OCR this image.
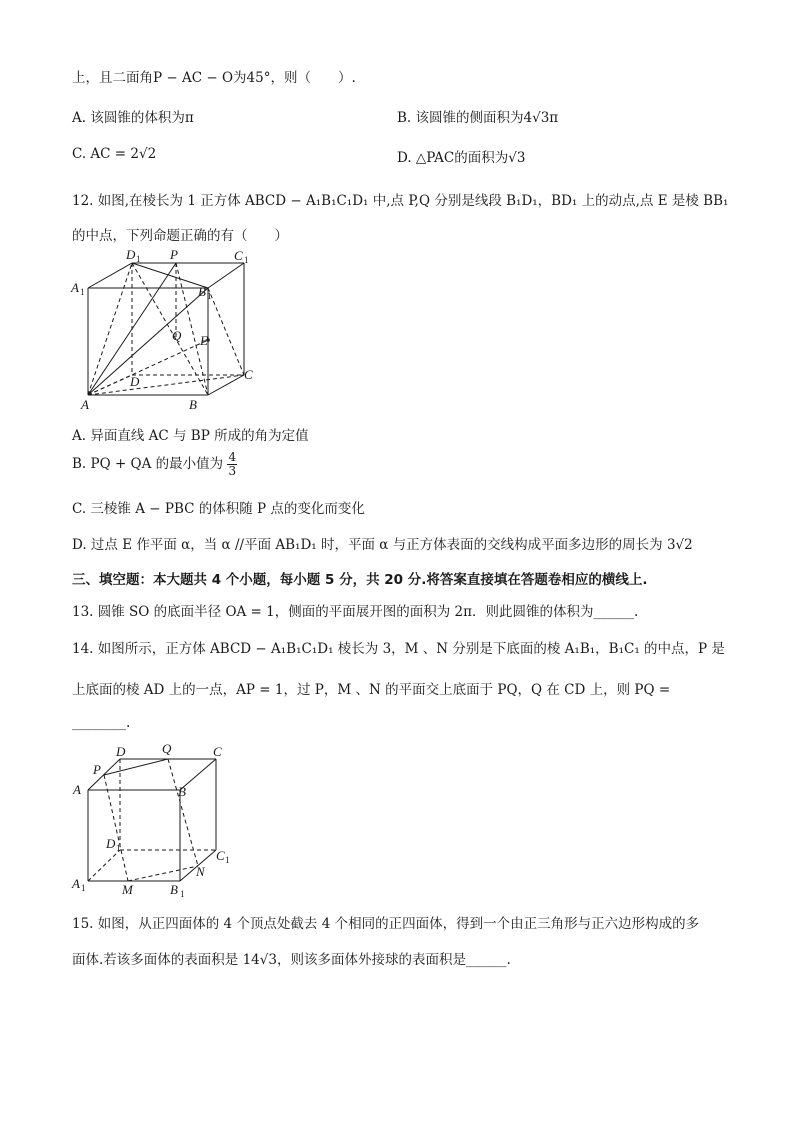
上，且二面角P − AC − O为45°，则（　　）.
A. 该圆锥的体积为π	B. 该圆锥的侧面积为4√3π
C. AC = 2√2	D. △PAC的面积为√3
12. 如图,在棱长为 1 正方体 ABCD − A₁B₁C₁D₁ 中,点 P,Q 分别是线段 B₁D₁，BD₁ 上的动点,点 E 是棱 BB₁
的中点，下列命题正确的有（　　）
D 1 P	C 1
A 1	B 1
Q E
D	C
A	B
A. 异面直线 AC 与 BP 所成的角为定值
B. PQ + QA 的最小值为 $\frac{4}{3}$
C. 三棱锥 A − PBC 的体积随 P 点的变化而变化
D. 过点 E 作平面 α，当 α //平面 AB₁D₁ 时，平面 α 与正方体表面的交线构成平面多边形的周长为 3√2
三、填空题：本大题共 4 个小题，每小题 5 分，共 20 分.将答案直接填在答题卷相应的横线上.
13. 圆锥 SO 的底面半径 OA = 1，侧面的平面展开图的面积为 2π．则此圆锥的体积为______.
14. 如图所示，正方体 ABCD − A₁B₁C₁D₁ 棱长为 3，M 、N 分别是下底面的棱 A₁B₁，B₁C₁ 的中点，P 是
上底面的棱 AD 上的一点，AP = 1，过 P，M 、N 的平面交上底面于 PQ，Q 在 CD 上，则 PQ =
________.
D	Q	C
P
A	B
D 1	C 1
A 1	M	B 1
N
15. 如图，从正四面体的 4 个顶点处截去 4 个相同的正四面体，得到一个由正三角形与正六边形构成的多
面体.若该多面体的表面积是 14√3，则该多面体外接球的表面积是______.
